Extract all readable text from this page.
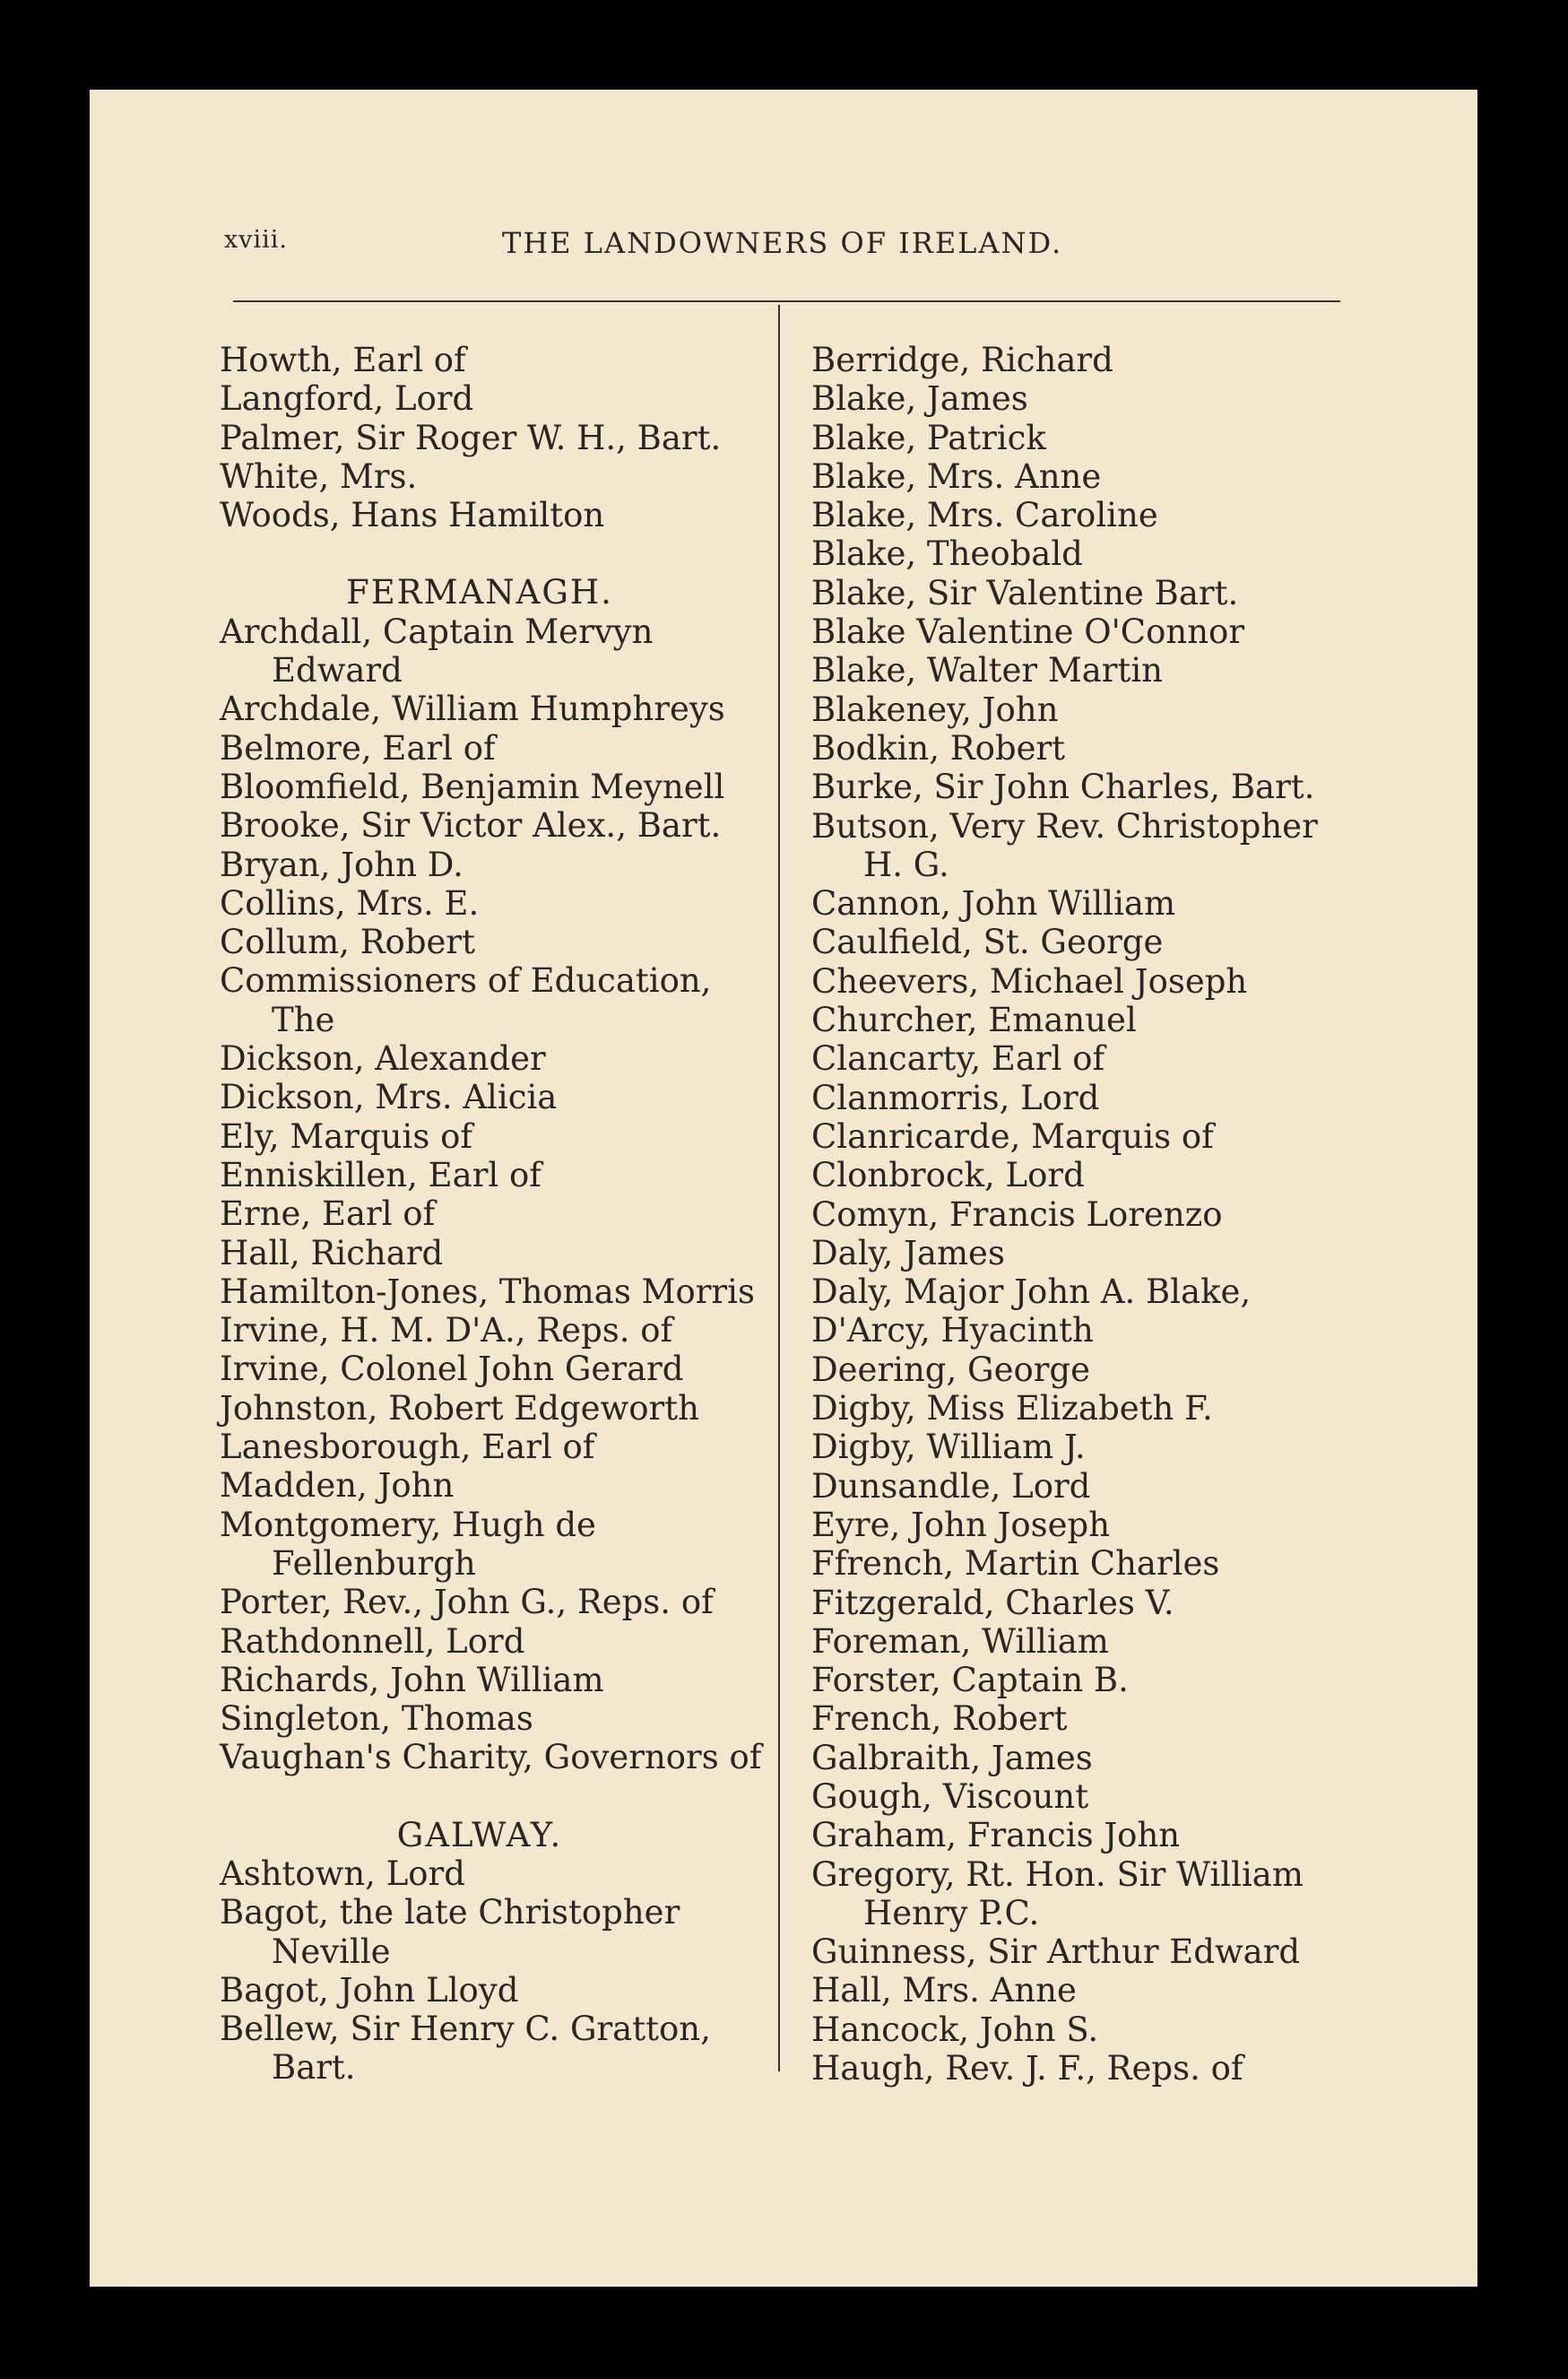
xviii.	THE LANDOWNERS OF IRELAND.
Howth, Earl of
Langford, Lord
Palmer, Sir Roger W. H., Bart.
White, Mrs.
Woods, Hans Hamilton
FERMANAGH.
Archdall, Captain Mervyn Edward
Archdale, William Humphreys
Belmore, Earl of
Bloomfield, Benjamin Meynell
Brooke, Sir Victor Alex., Bart.
Bryan, John D.
Collins, Mrs. E.
Collum, Robert
Commissioners of Education, The
Dickson, Alexander
Dickson, Mrs. Alicia
Ely, Marquis of
Enniskillen, Earl of
Erne, Earl of
Hall, Richard
Hamilton-Jones, Thomas Morris
Irvine, H. M. D'A., Reps. of
Irvine, Colonel John Gerard
Johnston, Robert Edgeworth
Lanesborough, Earl of
Madden, John
Montgomery, Hugh de Fellenburgh
Porter, Rev., John G., Reps. of
Rathdonnell, Lord
Richards, John William
Singleton, Thomas
Vaughan's Charity, Governors of
GALWAY.
Ashtown, Lord
Bagot, the late Christopher Neville
Bagot, John Lloyd
Bellew, Sir Henry C. Gratton, Bart.
Berridge, Richard
Blake, James
Blake, Patrick
Blake, Mrs. Anne
Blake, Mrs. Caroline
Blake, Theobald
Blake, Sir Valentine Bart.
Blake Valentine O'Connor
Blake, Walter Martin
Blakeney, John
Bodkin, Robert
Burke, Sir John Charles, Bart.
Butson, Very Rev. Christopher H. G.
Cannon, John William
Caulfield, St. George
Cheevers, Michael Joseph
Churcher, Emanuel
Clancarty, Earl of
Clanmorris, Lord
Clanricarde, Marquis of
Clonbrock, Lord
Comyn, Francis Lorenzo
Daly, James
Daly, Major John A. Blake,
D'Arcy, Hyacinth
Deering, George
Digby, Miss Elizabeth F.
Digby, William J.
Dunsandle, Lord
Eyre, John Joseph
Ffrench, Martin Charles
Fitzgerald, Charles V.
Foreman, William
Forster, Captain B.
French, Robert
Galbraith, James
Gough, Viscount
Graham, Francis John
Gregory, Rt. Hon. Sir William Henry P.C.
Guinness, Sir Arthur Edward
Hall, Mrs. Anne
Hancock, John S.
Haugh, Rev. J. F., Reps. of
